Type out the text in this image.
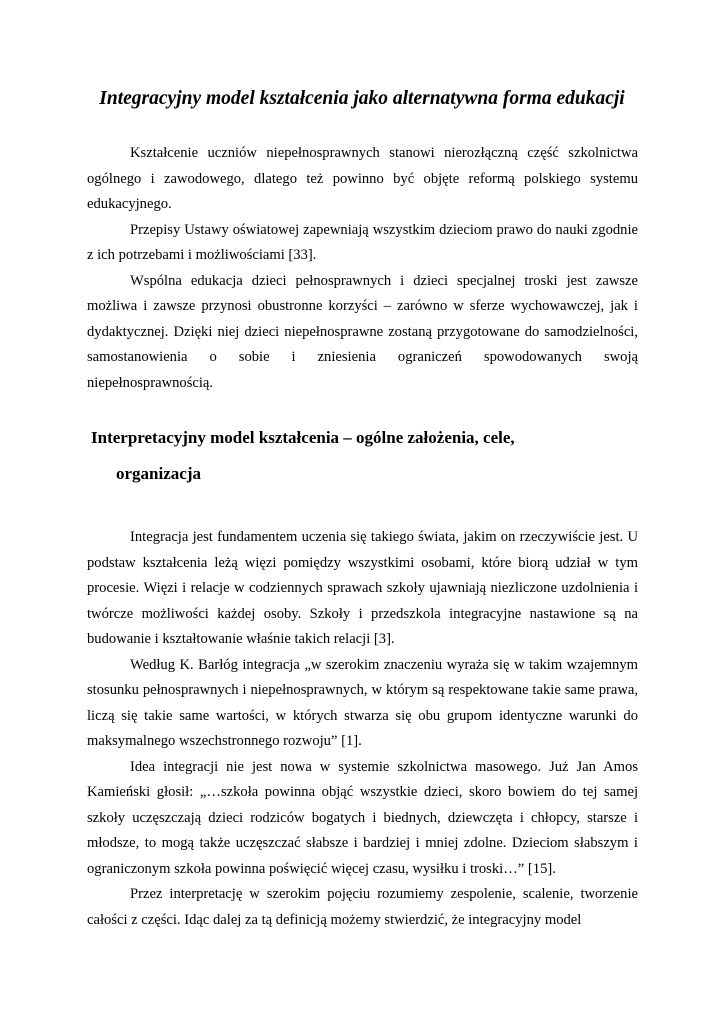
Integracyjny model kształcenia jako alternatywna forma edukacji

Kształcenie uczniów niepełnosprawnych stanowi nierozłączną część szkolnictwa ogólnego i zawodowego, dlatego też powinno być objęte reformą polskiego systemu edukacyjnego.

Przepisy Ustawy oświatowej zapewniają wszystkim dzieciom prawo do nauki zgodnie z ich potrzebami i możliwościami [33].

Wspólna edukacja dzieci pełnosprawnych i dzieci specjalnej troski jest zawsze możliwa i zawsze przynosi obustronne korzyści – zarówno w sferze wychowawczej, jak i dydaktycznej. Dzięki niej dzieci niepełnosprawne zostaną przygotowane do samodzielności, samostanowienia o sobie i zniesienia ograniczeń spowodowanych swoją niepełnosprawnością.

Interpretacyjny model kształcenia – ogólne założenia, cele,
organizacja

Integracja jest fundamentem uczenia się takiego świata, jakim on rzeczywiście jest. U podstaw kształcenia leżą więzi pomiędzy wszystkimi osobami, które biorą udział w tym procesie. Więzi i relacje w codziennych sprawach szkoły ujawniają niezliczone uzdolnienia i twórcze możliwości każdej osoby. Szkoły i przedszkola integracyjne nastawione są na budowanie i kształtowanie właśnie takich relacji [3].

Według K. Barłóg integracja „w szerokim znaczeniu wyraża się w takim wzajemnym stosunku pełnosprawnych i niepełnosprawnych, w którym są respektowane takie same prawa, liczą się takie same wartości, w których stwarza się obu grupom identyczne warunki do maksymalnego wszechstronnego rozwoju” [1].

Idea integracji nie jest nowa w systemie szkolnictwa masowego. Już Jan Amos Kamieński głosił: „…szkoła powinna objąć wszystkie dzieci, skoro bowiem do tej samej szkoły uczęszczają dzieci rodziców bogatych i biednych, dziewczęta i chłopcy, starsze i młodsze, to mogą także uczęszczać słabsze i bardziej i mniej zdolne. Dzieciom słabszym i ograniczonym szkoła powinna poświęcić więcej czasu, wysiłku i troski…” [15].

Przez interpretację w szerokim pojęciu rozumiemy zespolenie, scalenie, tworzenie całości z części. Idąc dalej za tą definicją możemy stwierdzić, że integracyjny model
